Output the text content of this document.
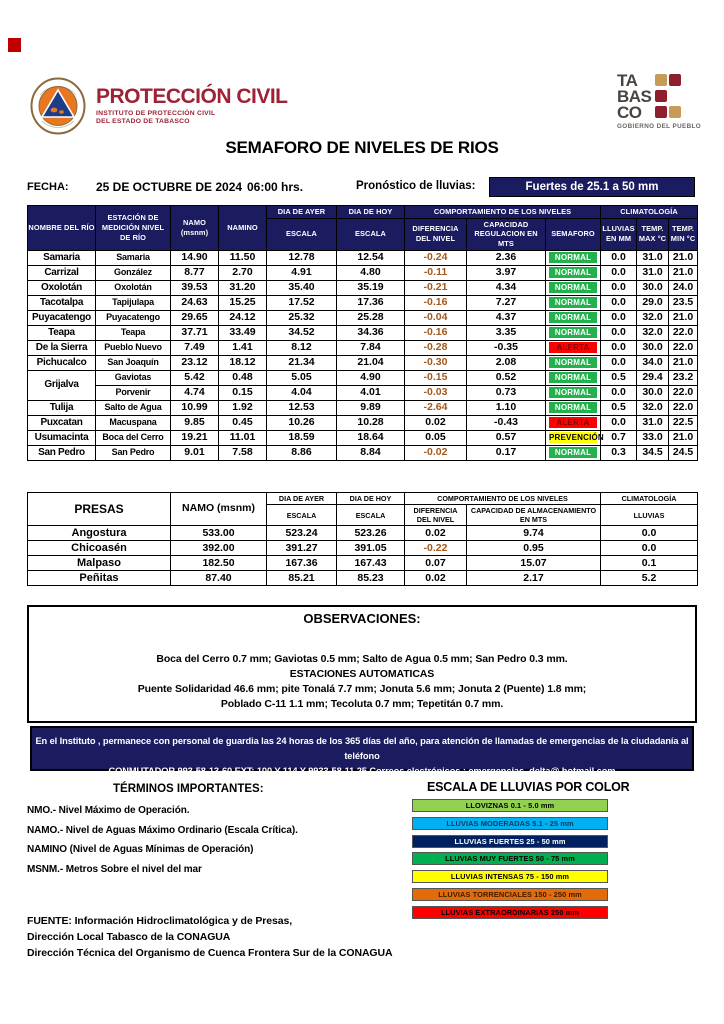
PROTECCIÓN CIVIL
INSTITUTO DE PROTECCIÓN CIVIL
DEL ESTADO DE TABASCO
TA
BAS
CO
GOBIERNO DEL PUEBLO
SEMAFORO DE NIVELES DE RIOS
FECHA: 25 DE OCTUBRE DE 2024 06:00 hrs.	Pronóstico de lluvias:	Fuertes de 25.1 a 50 mm
NOMBRE DEL RÍO	ESTACIÓN DE MEDICIÓN NIVEL DE RÍO	NAMO (msnm)	NAMINO	DIA DE AYER	DIA DE HOY	COMPORTAMIENTO DE LOS NIVELES			CLIMATOLOGÍA		
				ESCALA	ESCALA	DIFERENCIA DEL NIVEL	CAPACIDAD REGULACION EN MTS	SEMAFORO	LLUVIAS EN MM	TEMP. MAX °C	TEMP. MIN °C
Samaria	Samaria	14.90	11.50	12.78	12.54	-0.24	2.36	NORMAL	0.0	31.0	21.0
Carrizal	González	8.77	2.70	4.91	4.80	-0.11	3.97	NORMAL	0.0	31.0	21.0
Oxolotán	Oxolotán	39.53	31.20	35.40	35.19	-0.21	4.34	NORMAL	0.0	30.0	24.0
Tacotalpa	Tapijulapa	24.63	15.25	17.52	17.36	-0.16	7.27	NORMAL	0.0	29.0	23.5
Puyacatengo	Puyacatengo	29.65	24.12	25.32	25.28	-0.04	4.37	NORMAL	0.0	32.0	21.0
Teapa	Teapa	37.71	33.49	34.52	34.36	-0.16	3.35	NORMAL	0.0	32.0	22.0
De la Sierra	Pueblo Nuevo	7.49	1.41	8.12	7.84	-0.28	-0.35	ALERTA	0.0	30.0	22.0
Pichucalco	San Joaquín	23.12	18.12	21.34	21.04	-0.30	2.08	NORMAL	0.0	34.0	21.0
Grijalva	Gaviotas	5.42	0.48	5.05	4.90	-0.15	0.52	NORMAL	0.5	29.4	23.2
	Porvenir	4.74	0.15	4.04	4.01	-0.03	0.73	NORMAL	0.0	30.0	22.0
Tulija	Salto de Agua	10.99	1.92	12.53	9.89	-2.64	1.10	NORMAL	0.5	32.0	22.0
Puxcatan	Macuspana	9.85	0.45	10.26	10.28	0.02	-0.43	ALERTA	0.0	31.0	22.5
Usumacinta	Boca del Cerro	19.21	11.01	18.59	18.64	0.05	0.57	PREVENCIÓN	0.7	33.0	21.0
San Pedro	San Pedro	9.01	7.58	8.86	8.84	-0.02	0.17	NORMAL	0.3	34.5	24.5
PRESAS	NAMO (msnm)	DIA DE AYER	DIA DE HOY	COMPORTAMIENTO DE LOS NIVELES		CLIMATOLOGÍA
		ESCALA	ESCALA	DIFERENCIA DEL NIVEL	CAPACIDAD DE ALMACENAMIENTO EN MTS	LLUVIAS
Angostura	533.00	523.24	523.26	0.02	9.74	0.0
Chicoasén	392.00	391.27	391.05	-0.22	0.95	0.0
Malpaso	182.50	167.36	167.43	0.07	15.07	0.1
Peñitas	87.40	85.21	85.23	0.02	2.17	5.2
OBSERVACIONES:
Boca del Cerro 0.7 mm; Gaviotas 0.5 mm; Salto de Agua 0.5 mm; San Pedro 0.3 mm.
ESTACIONES AUTOMATICAS
Puente Solidaridad 46.6 mm; pite Tonalá 7.7 mm; Jonuta 5.6 mm; Jonuta 2 (Puente) 1.8 mm;
Poblado C-11 1.1 mm; Tecoluta 0.7 mm; Tepetitán 0.7 mm.
En el Instituto , permanece con personal de guardia las 24 horas de los 365 días del año, para atención de llamadas de emergencias de la ciudadanía al teléfono
CONMUTADOR 993-58-13-60.EXT: 100 Y 114 Y 9933-58-11 25 Correos electrónicos : emergencias_delta@ hotmail.com
TÉRMINOS IMPORTANTES:
NMO.- Nivel Máximo de Operación.
NAMO.- Nivel de Aguas Máximo Ordinario (Escala Crítica).
NAMINO (Nivel de Aguas Mínimas de Operación)
MSNM.- Metros Sobre el nivel del mar
ESCALA DE LLUVIAS POR COLOR
LLOVIZNAS 0.1 - 5.0 mm
LLUVIAS MODERADAS 5.1 - 25 mm
LLUVIAS FUERTES 25 - 50 mm
LLUVIAS MUY FUERTES 50 - 75 mm
LLUVIAS INTENSAS 75 - 150 mm
LLUVIAS TORRENCIALES 150 - 250 mm
LLUVIAS EXTRAORDINARIAS 250 mm
FUENTE: Información Hidroclimatológica y de Presas,
Dirección Local Tabasco de la CONAGUA
Dirección Técnica del Organismo de Cuenca Frontera Sur de la CONAGUA
